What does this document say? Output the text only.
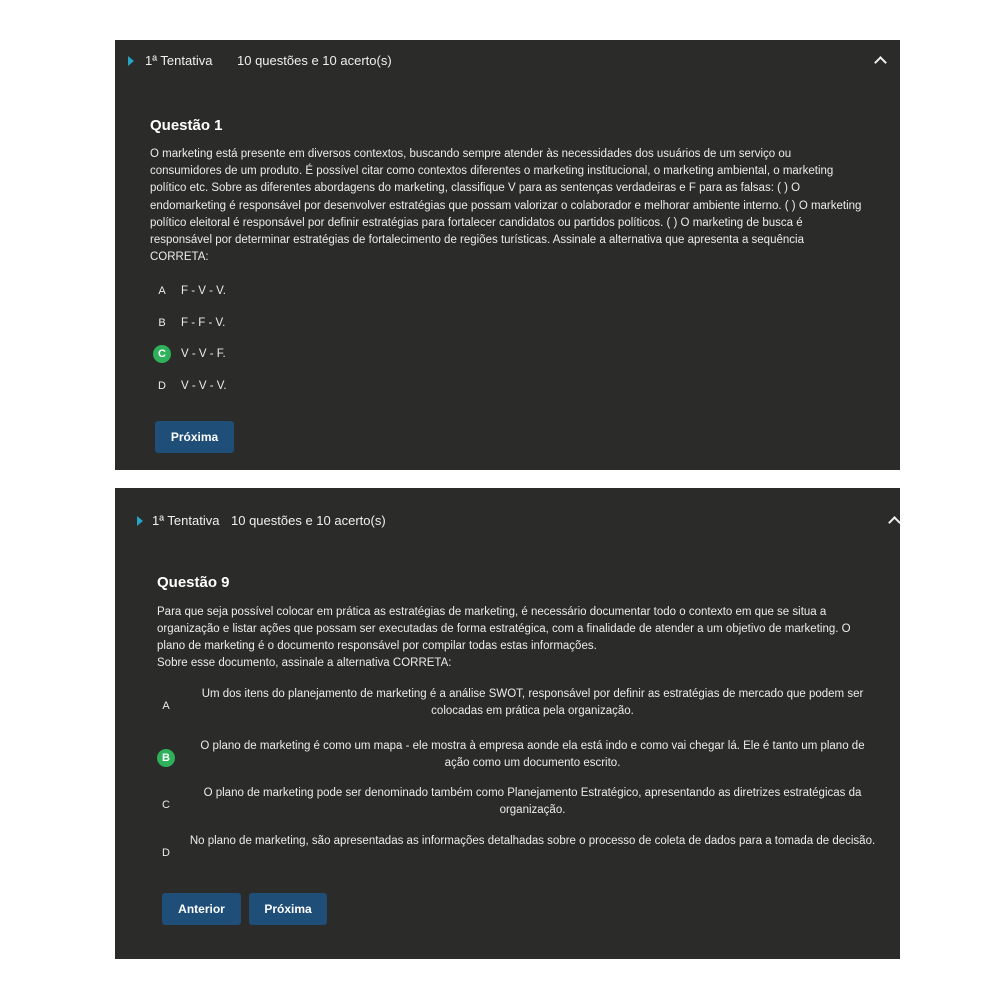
1ª Tentativa 10 questões e 10 acerto(s)
Questão 1
O marketing está presente em diversos contextos, buscando sempre atender às necessidades dos usuários de um serviço ou consumidores de um produto. É possível citar como contextos diferentes o marketing institucional, o marketing ambiental, o marketing político etc. Sobre as diferentes abordagens do marketing, classifique V para as sentenças verdadeiras e F para as falsas: ( ) O endomarketing é responsável por desenvolver estratégias que possam valorizar o colaborador e melhorar ambiente interno. ( ) O marketing político eleitoral é responsável por definir estratégias para fortalecer candidatos ou partidos políticos. ( ) O marketing de busca é responsável por determinar estratégias de fortalecimento de regiões turísticas. Assinale a alternativa que apresenta a sequência CORRETA:
A	F - V - V.
B	F - F - V.
C	V - V - F.
D	V - V - V.
Próxima
1ª Tentativa 10 questões e 10 acerto(s)
Questão 9
Para que seja possível colocar em prática as estratégias de marketing, é necessário documentar todo o contexto em que se situa a organização e listar ações que possam ser executadas de forma estratégica, com a finalidade de atender a um objetivo de marketing. O plano de marketing é o documento responsável por compilar todas estas informações.
Sobre esse documento, assinale a alternativa CORRETA:
A
Um dos itens do planejamento de marketing é a análise SWOT, responsável por definir as estratégias de mercado que podem ser colocadas em prática pela organização.
B
O plano de marketing é como um mapa - ele mostra à empresa aonde ela está indo e como vai chegar lá. Ele é tanto um plano de ação como um documento escrito.
C
O plano de marketing pode ser denominado também como Planejamento Estratégico, apresentando as diretrizes estratégicas da organização.
D
No plano de marketing, são apresentadas as informações detalhadas sobre o processo de coleta de dados para a tomada de decisão.
Anterior	Próxima
